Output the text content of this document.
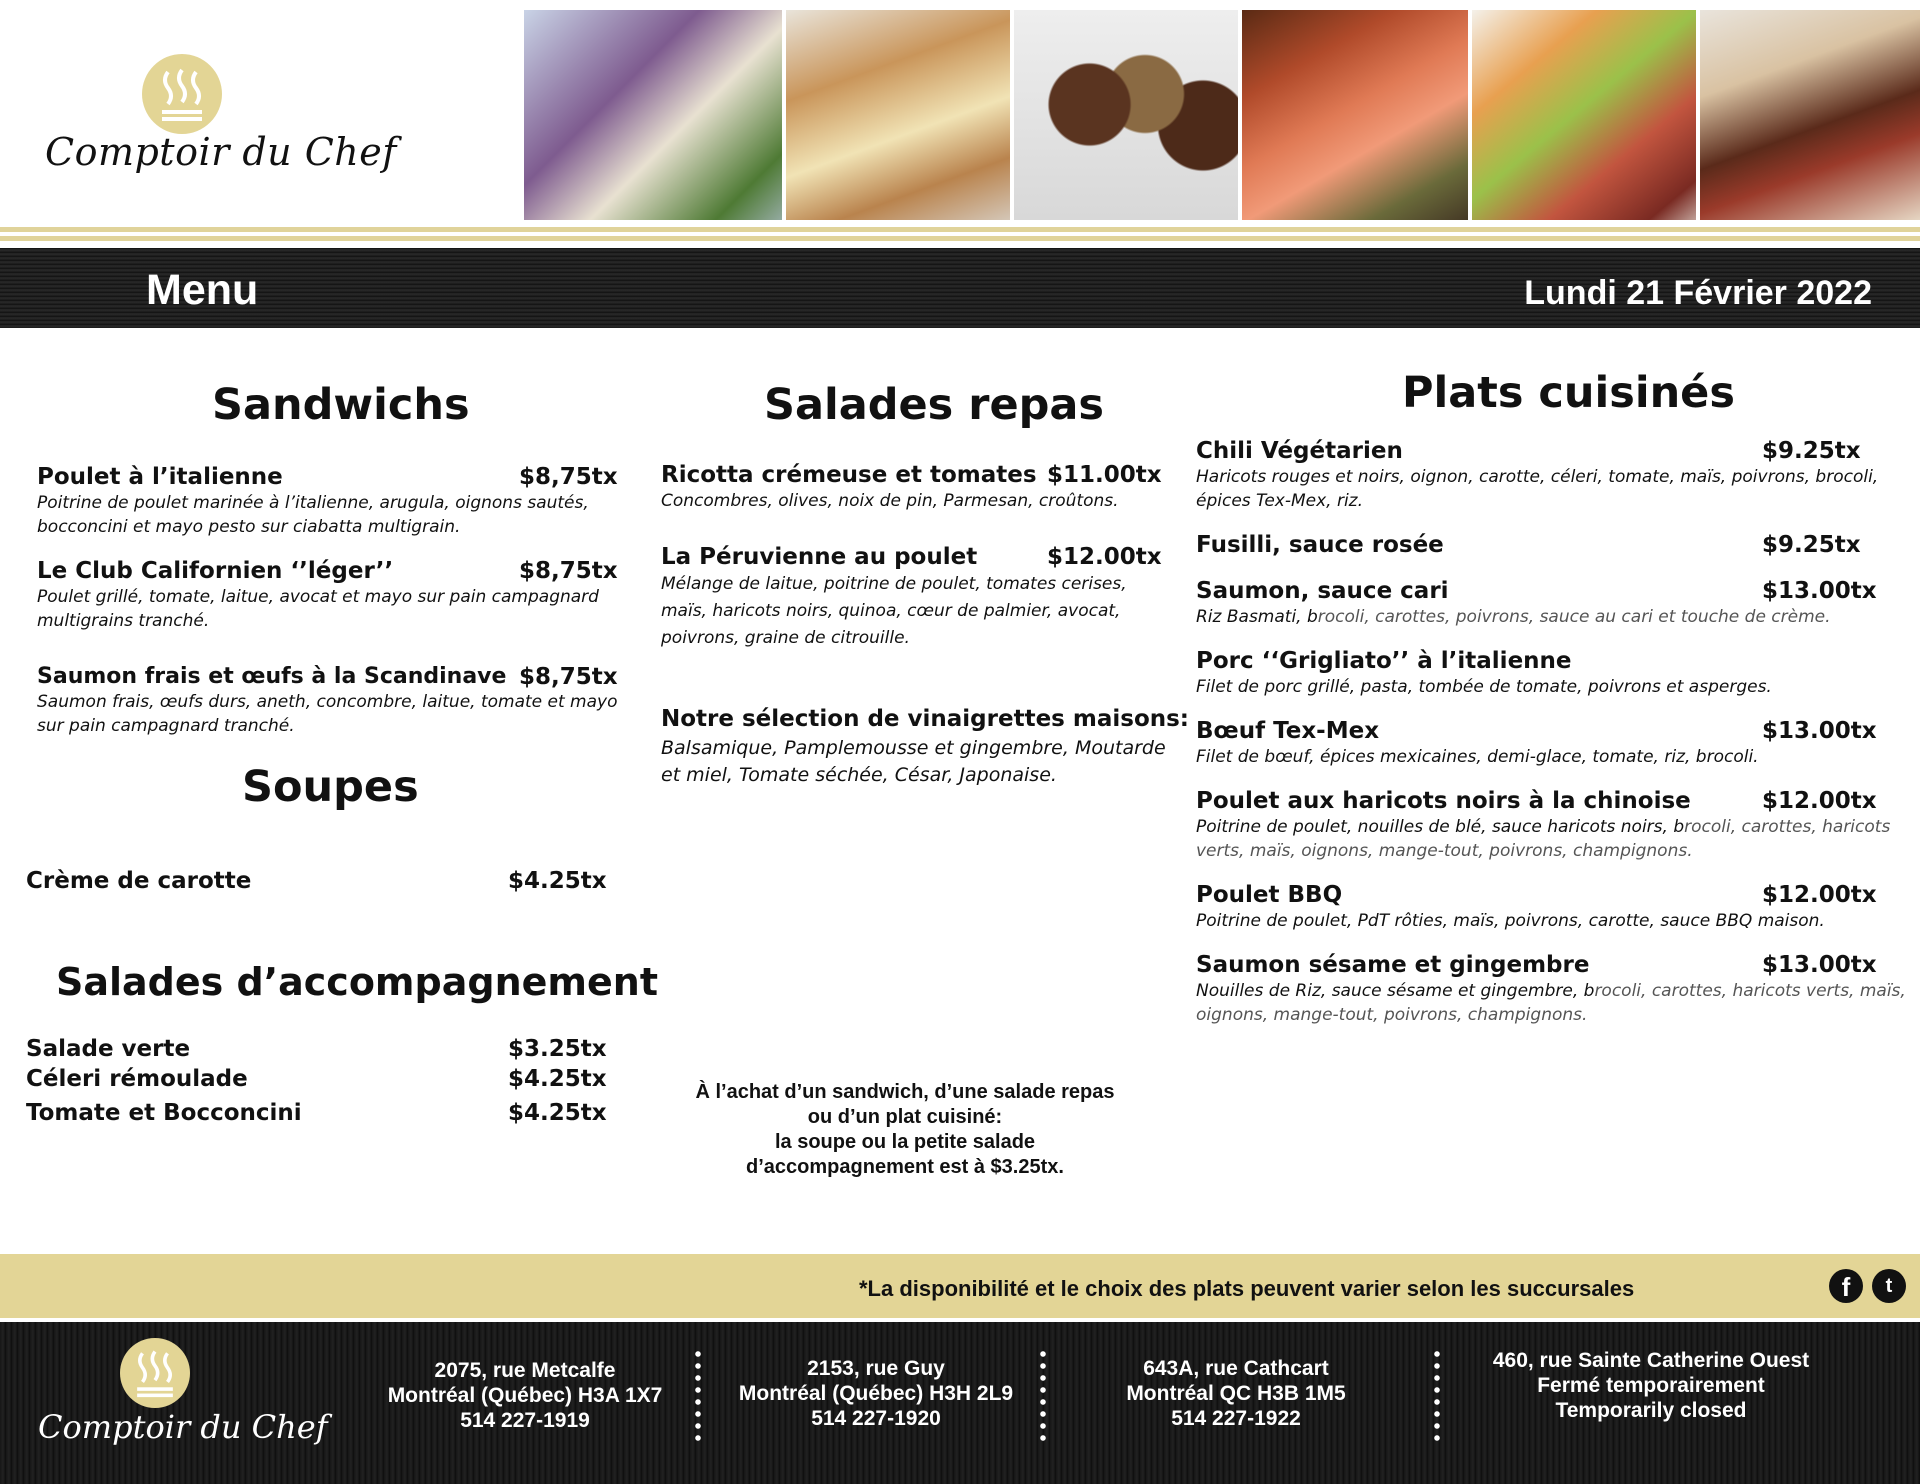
Comptoir du Chef
Menu	Lundi 21 Février 2022
Sandwichs
Poulet à l’italienne	$8,75tx
Poitrine de poulet marinée à l’italienne, arugula, oignons sautés, bocconcini et mayo pesto sur ciabatta multigrain.
Le Club Californien ‘’léger’’	$8,75tx
Poulet grillé, tomate, laitue, avocat et mayo sur pain campagnard multigrains tranché.
Saumon frais et œufs à la Scandinave $8,75tx
Saumon frais, œufs durs, aneth, concombre, laitue, tomate et mayo sur pain campagnard tranché.
Soupes
Crème de carotte	$4.25tx
Salades d’accompagnement
Salade verte	$3.25tx
Céleri rémoulade	$4.25tx
Tomate et Bocconcini	$4.25tx
Salades repas
Ricotta crémeuse et tomates $11.00tx
Concombres, olives, noix de pin, Parmesan, croûtons.
La Péruvienne au poulet	$12.00tx
Mélange de laitue, poitrine de poulet, tomates cerises, maïs, haricots noirs, quinoa, cœur de palmier, avocat, poivrons, graine de citrouille.
Notre sélection de vinaigrettes maisons:
Balsamique, Pamplemousse et gingembre, Moutarde et miel, Tomate séchée, César, Japonaise.
À l’achat d’un sandwich, d’une salade repas
ou d’un plat cuisiné:
la soupe ou la petite salade
d’accompagnement est à $3.25tx.
Plats cuisinés
Chili Végétarien	$9.25tx
Haricots rouges et noirs, oignon, carotte, céleri, tomate, maïs, poivrons, brocoli, épices Tex-Mex, riz.
Fusilli, sauce rosée	$9.25tx
Saumon, sauce cari	$13.00tx
Riz Basmati, brocoli, carottes, poivrons, sauce au cari et touche de crème.
Porc ‘‘Grigliato’’ à l’italienne
Filet de porc grillé, pasta, tombée de tomate, poivrons et asperges.
Bœuf Tex-Mex	$13.00tx
Filet de bœuf, épices mexicaines, demi-glace, tomate, riz, brocoli.
Poulet aux haricots noirs à la chinoise	$12.00tx
Poitrine de poulet, nouilles de blé, sauce haricots noirs, brocoli, carottes, haricots verts, maïs, oignons, mange-tout, poivrons, champignons.
Poulet BBQ	$12.00tx
Poitrine de poulet, PdT rôties, maïs, poivrons, carotte, sauce BBQ maison.
Saumon sésame et gingembre	$13.00tx
Nouilles de Riz, sauce sésame et gingembre, brocoli, carottes, haricots verts, maïs, oignons, mange-tout, poivrons, champignons.
*La disponibilité et le choix des plats peuvent varier selon les succursales	f	t
Comptoir du Chef
2075, rue Metcalfe
Montréal (Québec) H3A 1X7
514 227-1919
2153, rue Guy
Montréal (Québec) H3H 2L9
514 227-1920
643A, rue Cathcart
Montréal QC H3B 1M5
514 227-1922
460, rue Sainte Catherine Ouest
Fermé temporairement
Temporarily closed
